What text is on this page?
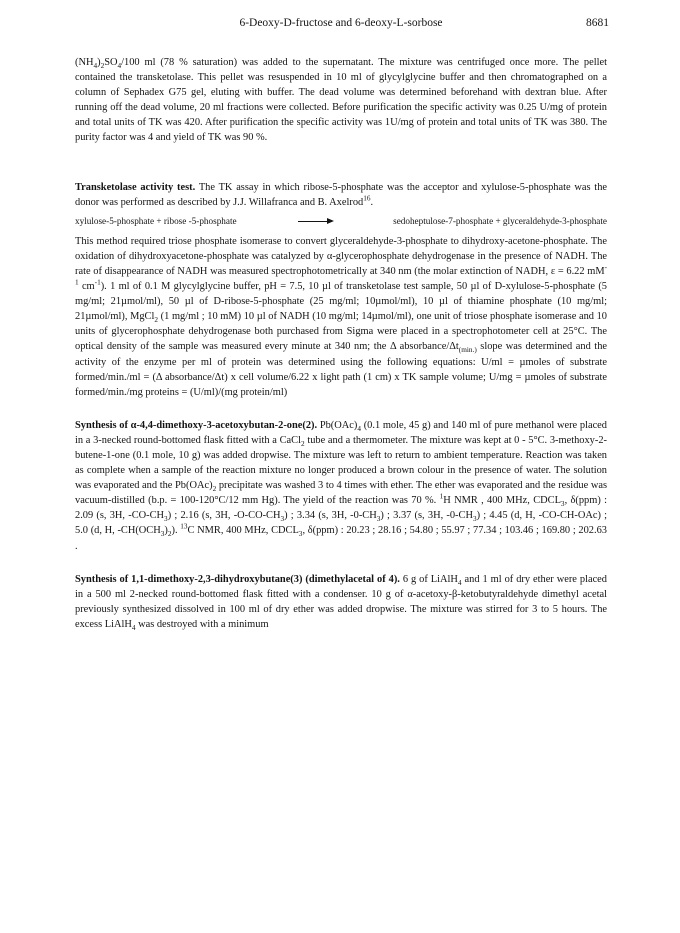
6-Deoxy-D-fructose and 6-deoxy-L-sorbose	8681

$(NH_4)_2SO_4/100$ ml (78 % saturation) was added to the supernatant. The mixture was centrifuged once more. The pellet contained the transketolase. This pellet was resuspended in 10 ml of glycylglycine buffer and then chromatographed on a column of Sephadex G75 gel, eluting with buffer. The dead volume was determined beforehand with dextran blue. After running off the dead volume, 20 ml fractions were collected. Before purification the specific activity was 0.25 U/mg of protein and total units of TK was 420. After purification the specific activity was 1U/mg of protein and total units of TK was 380. The purity factor was 4 and yield of TK was 90 %.

Transketolase activity test. The TK assay in which ribose-5-phosphate was the acceptor and xylulose-5-phosphate was the donor was performed as described by J.J. Willafranca and B. Axelrod$^{16}$.

xylulose-5-phosphate + ribose -5-phosphate	sedoheptulose-7-phosphate + glyceraldehyde-3-phosphate

This method required triose phosphate isomerase to convert glyceraldehyde-3-phosphate to dihydroxy-acetone-phosphate. The oxidation of dihydroxyacetone-phosphate was catalyzed by α-glycerophosphate dehydrogenase in the presence of NADH. The rate of disappearance of NADH was measured spectrophotometrically at 340 nm (the molar extinction of NADH, ε = 6.22 $mM^{-1}$ $cm^{-1}$). 1 ml of 0.1 M glycylglycine buffer, pH = 7.5, 10 µl of transketolase test sample, 50 µl of D-xylulose-5-phosphate (5 mg/ml; 21µmol/ml), 50 µl of D-ribose-5-phosphate (25 mg/ml; 10µmol/ml), 10 µl of thiamine phosphate (10 mg/ml; 21µmol/ml), MgCl$_2$ (1 mg/ml ; 10 mM) 10 µl of NADH (10 mg/ml; 14µmol/ml), one unit of triose phosphate isomerase and 10 units of glycerophosphate dehydrogenase both purchased from Sigma were placed in a spectrophotometer cell at 25°C. The optical density of the sample was measured every minute at 340 nm; the Δ absorbance/$\Delta t_{(min.)}$ slope was determined and the activity of the enzyme per ml of protein was determined using the following equations: U/ml = µmoles of substrate formed/min./ml = (Δ absorbance/Δt) x cell volume/6.22 x light path (1 cm) x TK sample volume; U/mg = µmoles of substrate formed/min./mg proteins = (U/ml)/(mg protein/ml)

Synthesis of α-4,4-dimethoxy-3-acetoxybutan-2-one(2). $Pb(OAc)_4$ (0.1 mole, 45 g) and 140 ml of pure methanol were placed in a 3-necked round-bottomed flask fitted with a CaCl$_2$ tube and a thermometer. The mixture was kept at 0 - 5°C. 3-methoxy-2-butene-1-one (0.1 mole, 10 g) was added dropwise. The mixture was left to return to ambient temperature. Reaction was taken as complete when a sample of the reaction mixture no longer produced a brown colour in the presence of water. The solution was evaporated and the $Pb(OAc)_2$ precipitate was washed 3 to 4 times with ether. The ether was evaporated and the residue was vacuum-distilled (b.p. = 100-120°C/12 mm Hg). The yield of the reaction was 70 %. $^1$H NMR , 400 MHz, $CDCL_3$, δ(ppm) : 2.09 (s, 3H, $-CO-CH_3$) ; 2.16 (s, 3H, $-O-CO-CH_3$) ; 3.34 (s, 3H, $-0-CH_3$) ; 3.37 (s, 3H, $-0-CH_3$) ; 4.45 (d, H, -CO-CH-OAc) ; 5.0 (d, H, $-CH(OCH_3)_2$). $^{13}$C NMR, 400 MHz, $CDCL_3$, δ(ppm) : 20.23 ; 28.16 ; 54.80 ; 55.97 ; 77.34 ; 103.46 ; 169.80 ; 202.63 .

Synthesis of 1,1-dimethoxy-2,3-dihydroxybutane(3) (dimethylacetal of 4). 6 g of LiAlH$_4$ and 1 ml of dry ether were placed in a 500 ml 2-necked round-bottomed flask fitted with a condenser. 10 g of α-acetoxy-β-ketobutyraldehyde dimethyl acetal previously synthesized dissolved in 100 ml of dry ether was added dropwise. The mixture was stirred for 3 to 5 hours. The excess LiAlH$_4$ was destroyed with a minimum
